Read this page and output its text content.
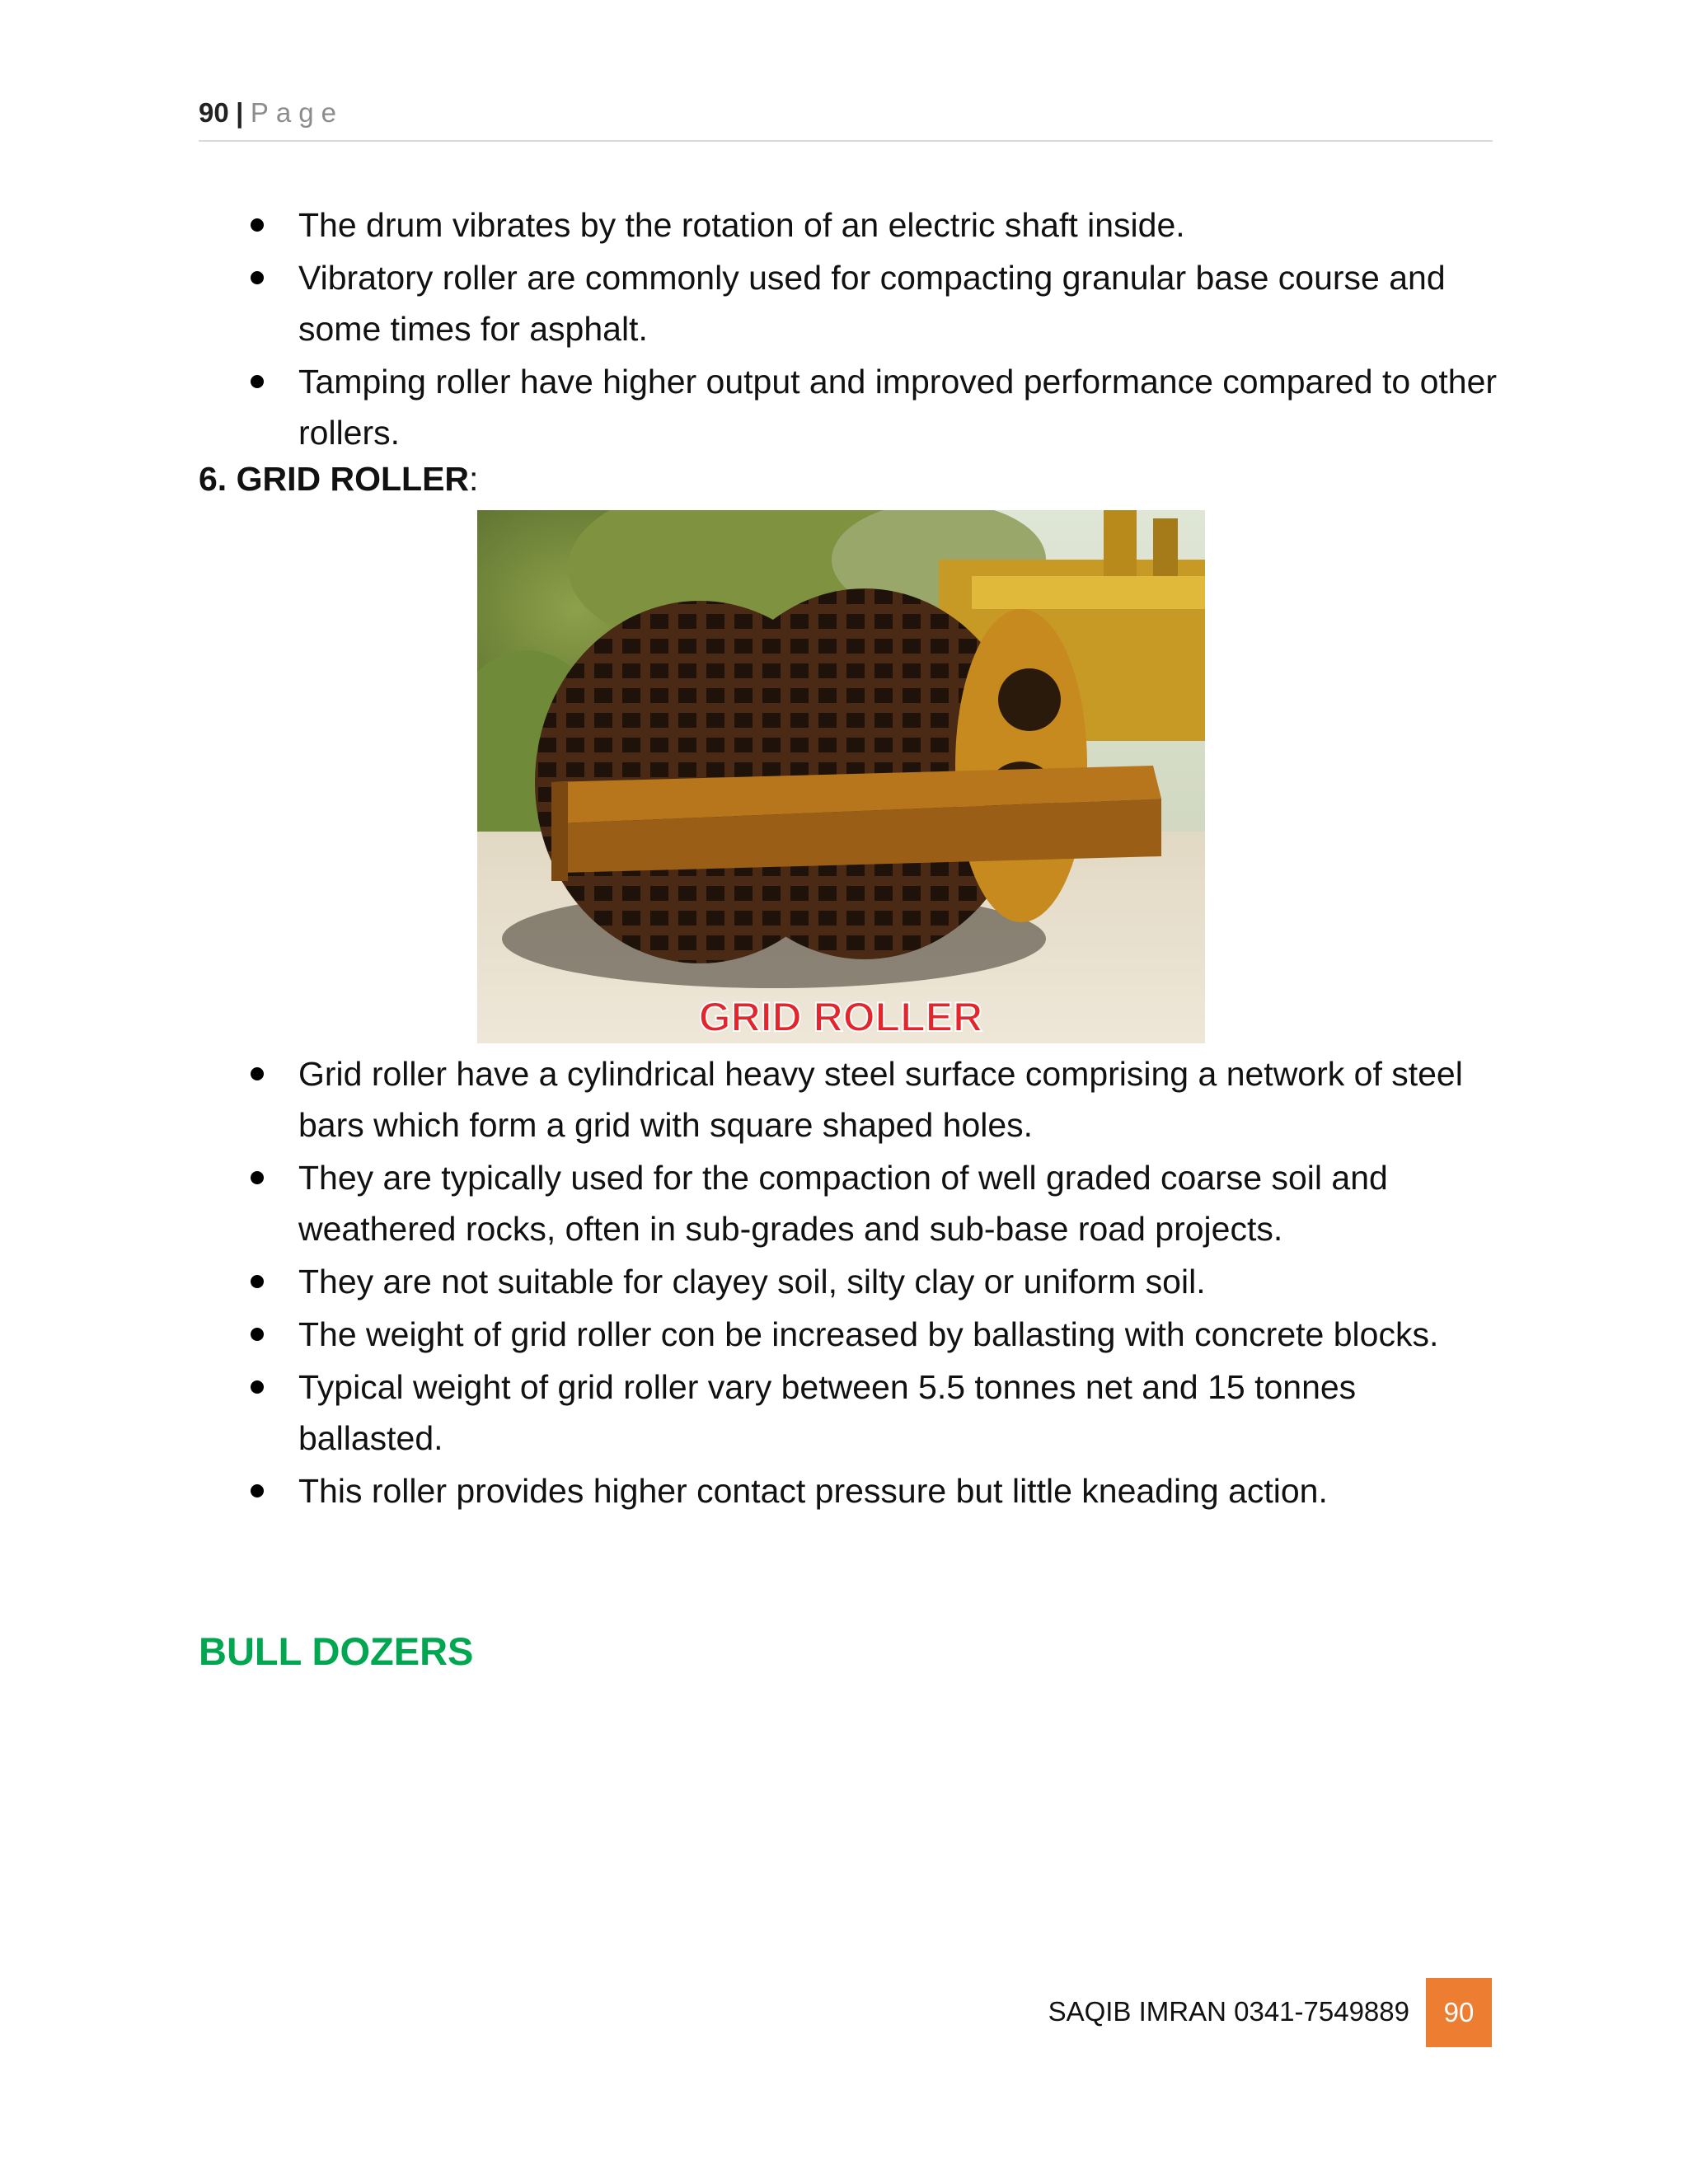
90 | Page
The drum vibrates by the rotation of an electric shaft inside.
Vibratory roller are commonly used for compacting granular base course and some times for asphalt.
Tamping roller have higher output and improved performance compared to other rollers.
6. GRID ROLLER:
GRID ROLLER
Grid roller have a cylindrical heavy steel surface comprising a network of steel bars which form a grid with square shaped holes.
They are typically used for the compaction of well graded coarse soil and weathered rocks, often in sub-grades and sub-base road projects.
They are not suitable for clayey soil, silty clay or uniform soil.
The weight of grid roller con be increased by ballasting with concrete blocks.
Typical weight of grid roller vary between 5.5 tonnes net and 15 tonnes ballasted.
This roller provides higher contact pressure but little kneading action.
BULL DOZERS
SAQIB IMRAN 0341-7549889	90
